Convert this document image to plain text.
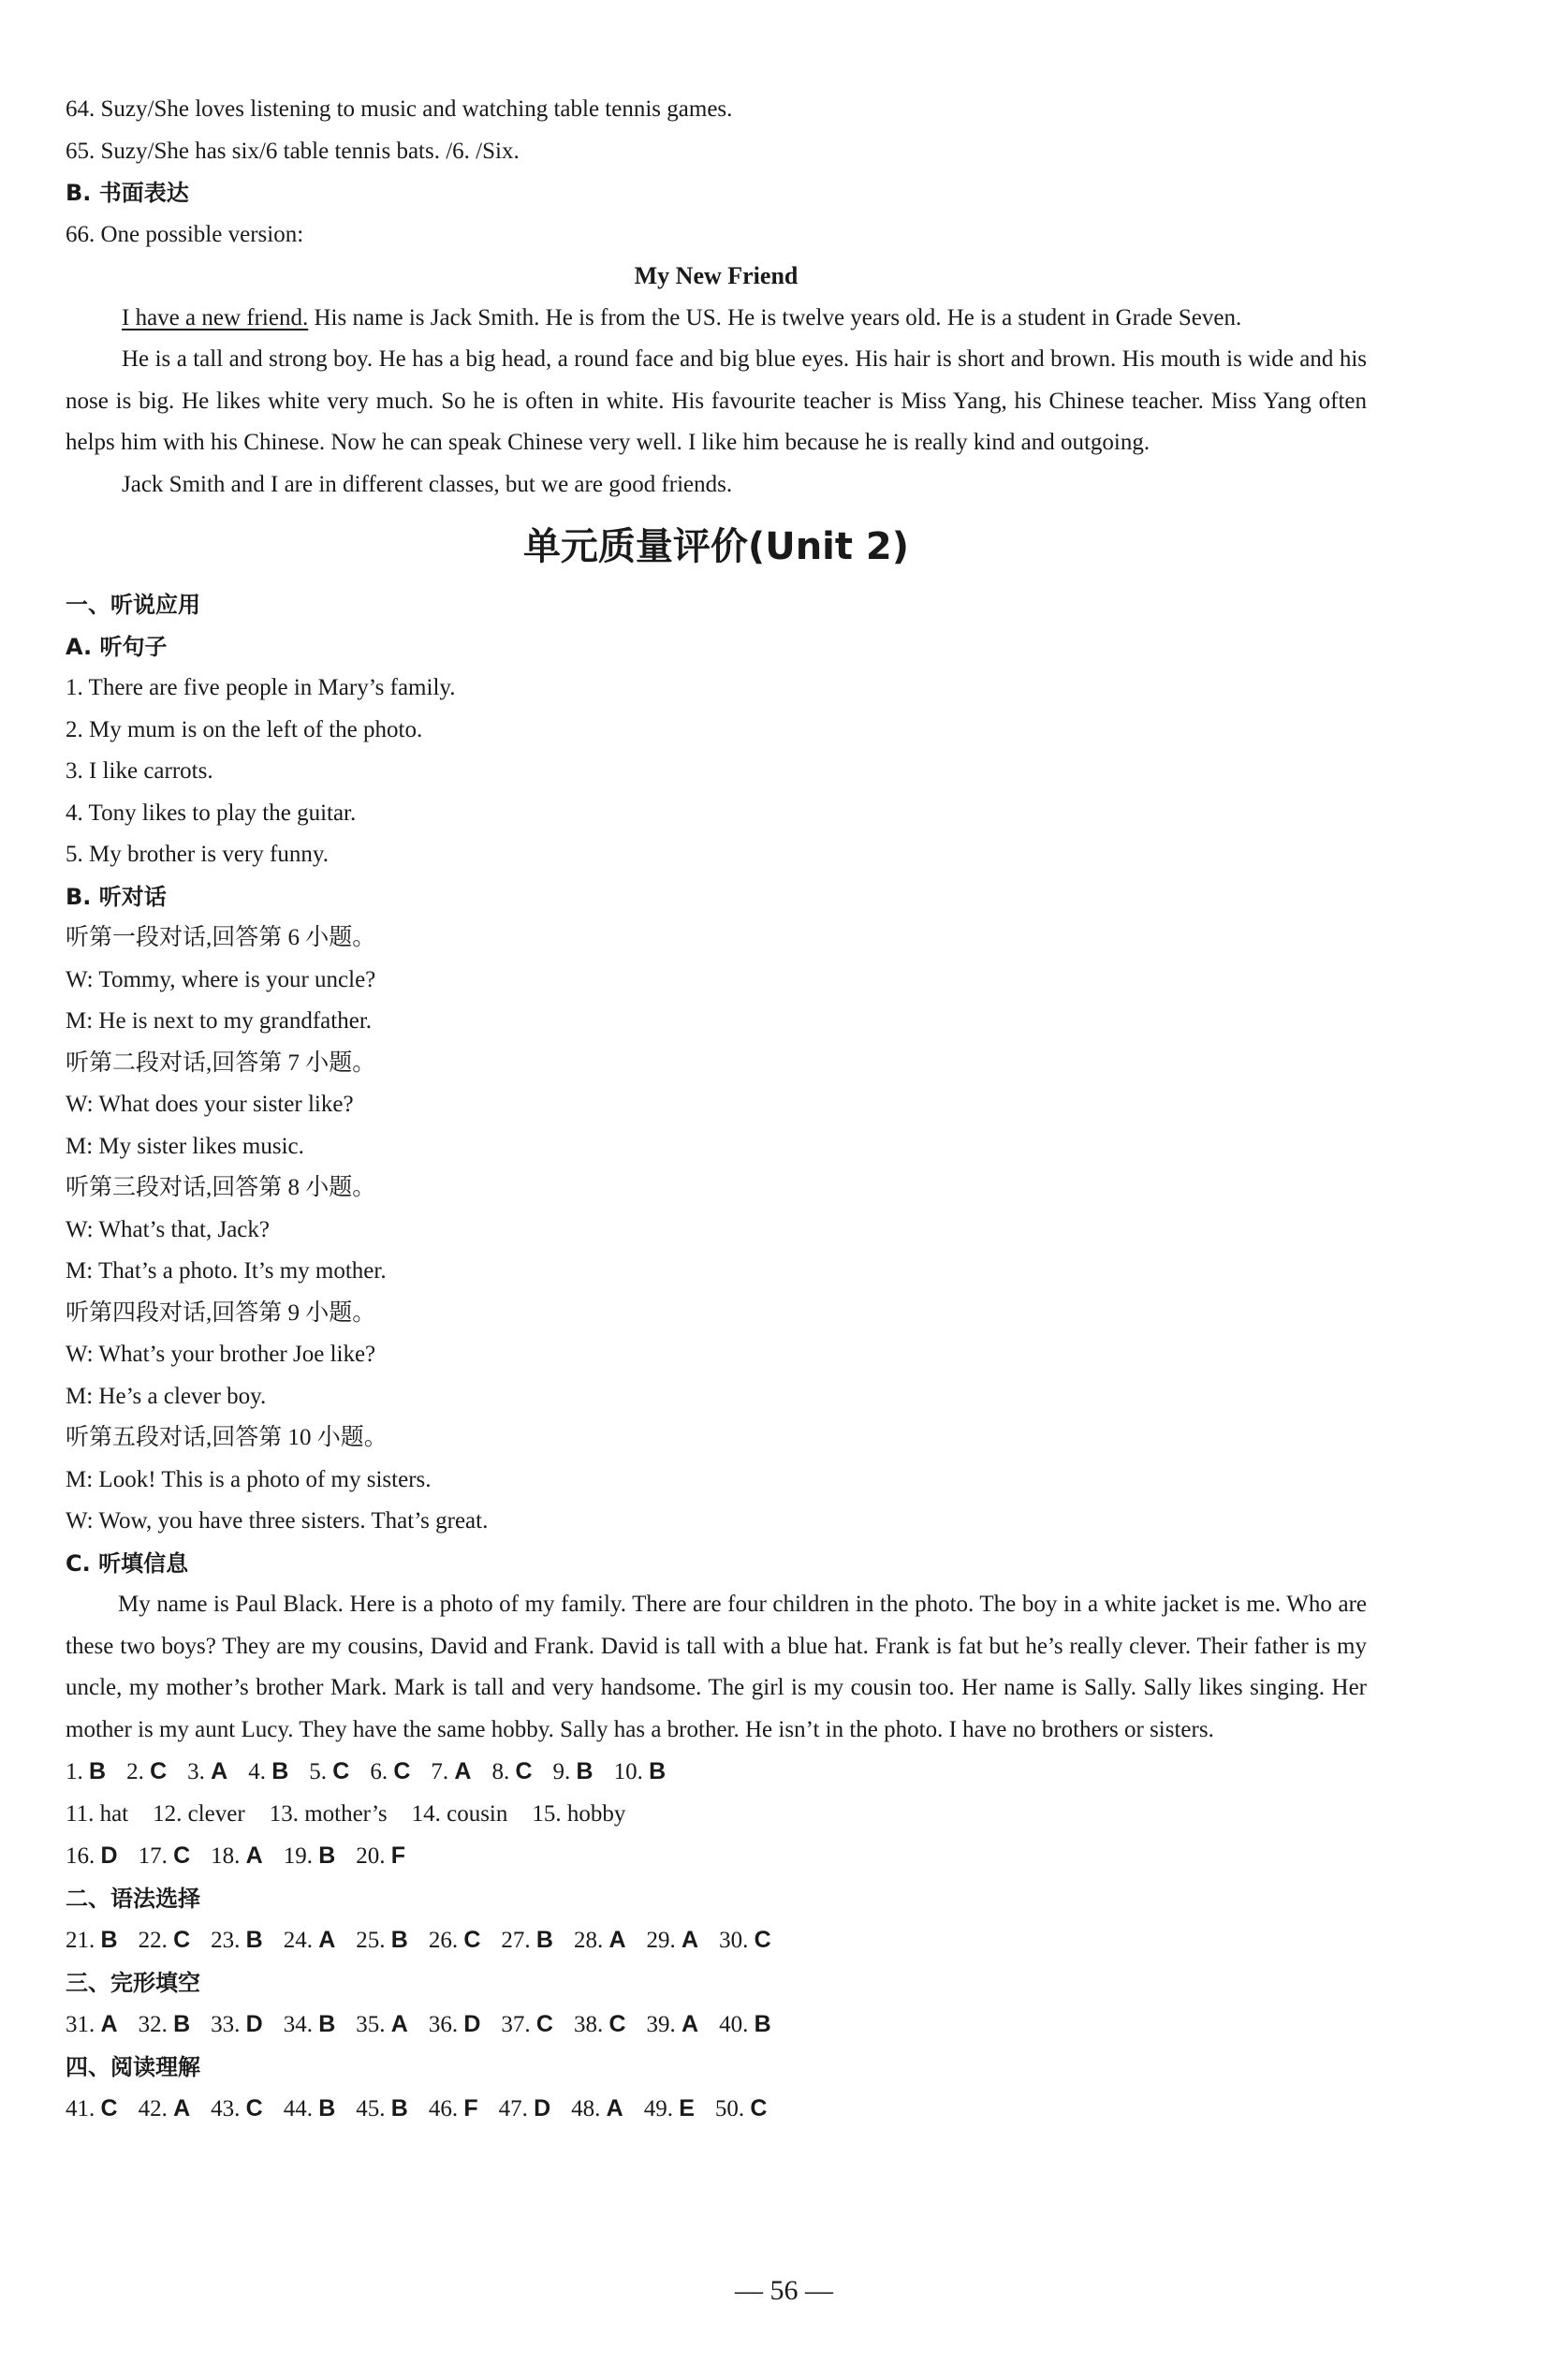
64. Suzy/She loves listening to music and watching table tennis games.

65. Suzy/She has six/6 table tennis bats. /6. /Six.

B. 书面表达

66. One possible version:

My New Friend

I have a new friend. His name is Jack Smith. He is from the US. He is twelve years old. He is a student in Grade Seven.

He is a tall and strong boy. He has a big head, a round face and big blue eyes. His hair is short and brown. His mouth is wide and his nose is big. He likes white very much. So he is often in white. His favourite teacher is Miss Yang, his Chinese teacher. Miss Yang often helps him with his Chinese. Now he can speak Chinese very well. I like him because he is really kind and outgoing.

Jack Smith and I are in different classes, but we are good friends.

单元质量评价(Unit 2)

一、听说应用

A. 听句子

1. There are five people in Mary’s family.

2. My mum is on the left of the photo.

3. I like carrots.

4. Tony likes to play the guitar.

5. My brother is very funny.

B. 听对话

听第一段对话,回答第 6 小题。

W: Tommy, where is your uncle?

M: He is next to my grandfather.

听第二段对话,回答第 7 小题。

W: What does your sister like?

M: My sister likes music.

听第三段对话,回答第 8 小题。

W: What’s that, Jack?

M: That’s a photo. It’s my mother.

听第四段对话,回答第 9 小题。

W: What’s your brother Joe like?

M: He’s a clever boy.

听第五段对话,回答第 10 小题。

M: Look! This is a photo of my sisters.

W: Wow, you have three sisters. That’s great.

C. 听填信息

My name is Paul Black. Here is a photo of my family. There are four children in the photo. The boy in a white jacket is me. Who are these two boys? They are my cousins, David and Frank. David is tall with a blue hat. Frank is fat but he’s really clever. Their father is my uncle, my mother’s brother Mark. Mark is tall and very handsome. The girl is my cousin too. Her name is Sally. Sally likes singing. Her mother is my aunt Lucy. They have the same hobby. Sally has a brother. He isn’t in the photo. I have no brothers or sisters.

1. B 2. C 3. A 4. B 5. C 6. C 7. A 8. C 9. B 10. B

11. hat 12. clever 13. mother’s 14. cousin 15. hobby

16. D 17. C 18. A 19. B 20. F

二、语法选择

21. B 22. C 23. B 24. A 25. B 26. C 27. B 28. A 29. A 30. C

三、完形填空

31. A 32. B 33. D 34. B 35. A 36. D 37. C 38. C 39. A 40. B

四、阅读理解

41. C 42. A 43. C 44. B 45. B 46. F 47. D 48. A 49. E 50. C

— 56 —
